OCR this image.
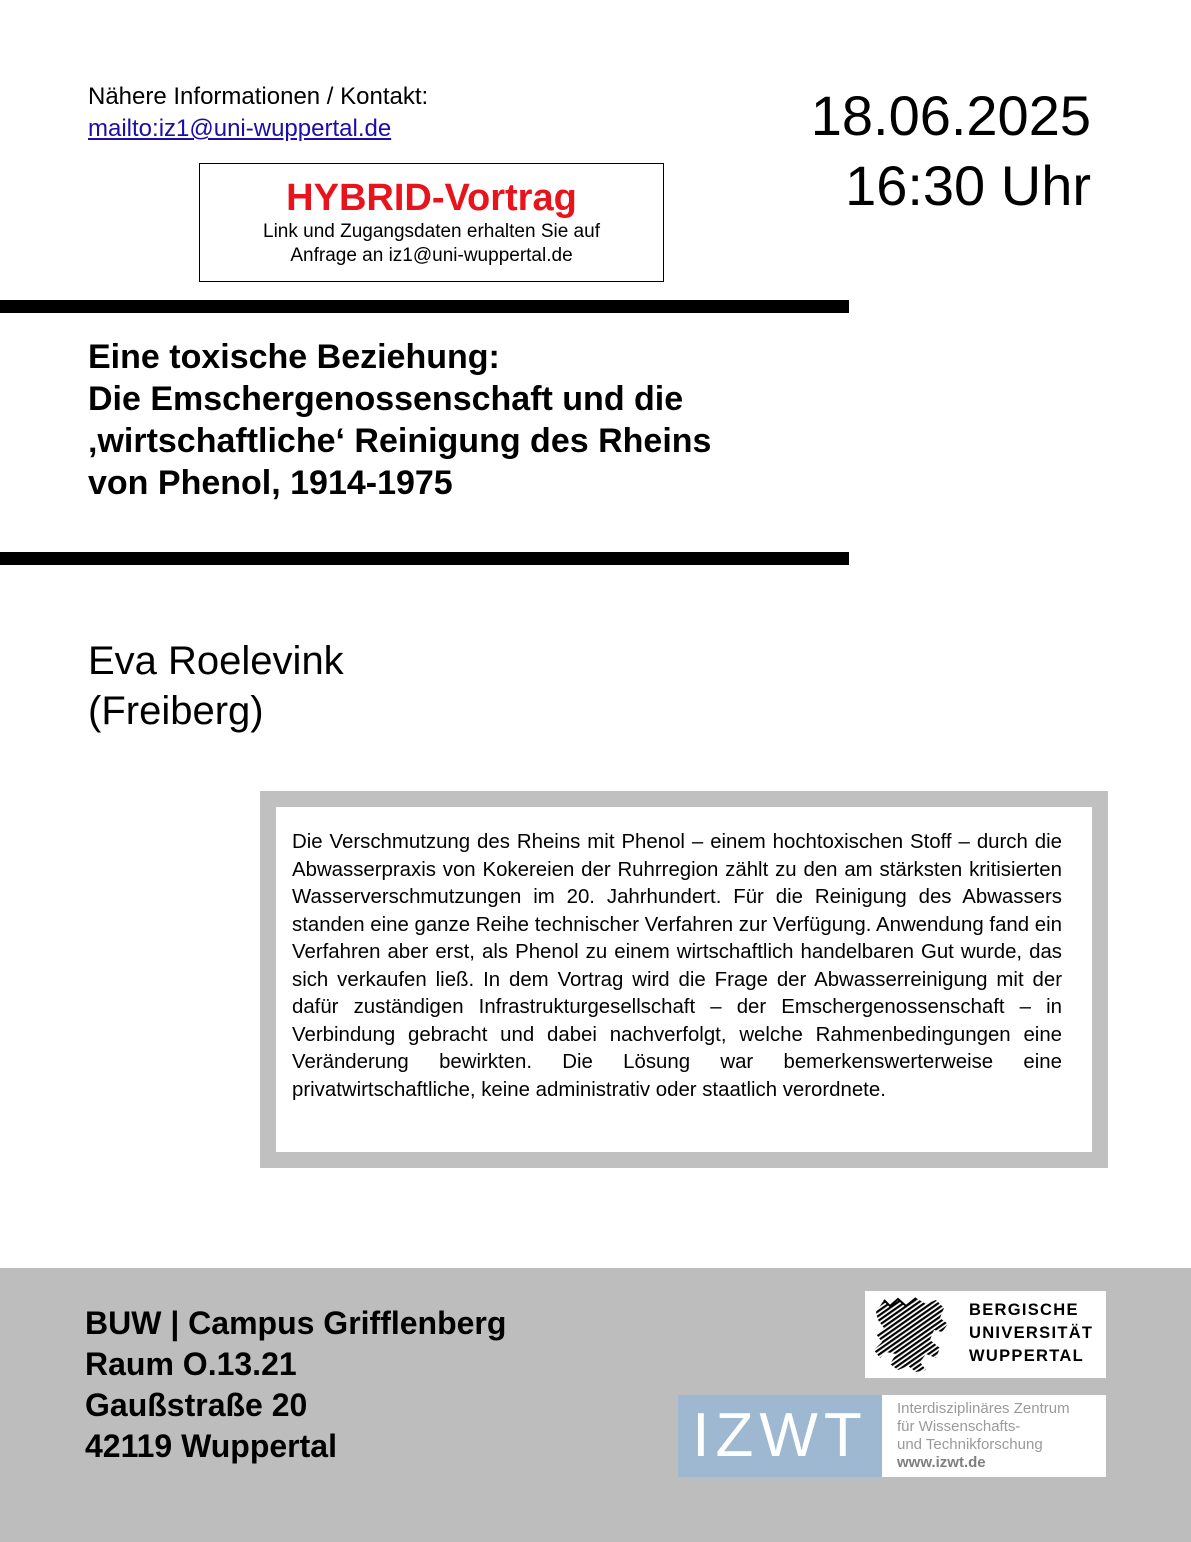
Nähere Informationen / Kontakt:
mailto:iz1@uni-wuppertal.de	18.06.2025
16:30 Uhr
HYBRID-Vortrag
Link und Zugangsdaten erhalten Sie auf
Anfrage an iz1@uni-wuppertal.de
Eine toxische Beziehung:
Die Emschergenossenschaft und die
‚wirtschaftliche‘ Reinigung des Rheins
von Phenol, 1914-1975
Eva Roelevink
(Freiberg)

Die Verschmutzung des Rheins mit Phenol – einem hochtoxischen Stoff – durch die Abwasserpraxis von Kokereien der Ruhrregion zählt zu den am stärksten kritisierten Wasserverschmutzungen im 20. Jahrhundert. Für die Reinigung des Abwassers standen eine ganze Reihe technischer Verfahren zur Verfügung. Anwendung fand ein Verfahren aber erst, als Phenol zu einem wirtschaftlich handelbaren Gut wurde, das sich verkaufen ließ. In dem Vortrag wird die Frage der Abwasserreinigung mit der dafür zuständigen Infrastrukturgesellschaft – der Emschergenossenschaft – in Verbindung gebracht und dabei nachverfolgt, welche Rahmenbedingungen eine Veränderung bewirkten. Die Lösung war bemerkenswerterweise eine privatwirtschaftliche, keine administrativ oder staatlich verordnete.

BUW | Campus Grifflenberg
Raum O.13.21
Gaußstraße 20
42119 Wuppertal
BERGISCHE
UNIVERSITÄT
WUPPERTAL
IZWT	Interdisziplinäres Zentrum
für Wissenschafts-
und Technikforschung
www.izwt.de
